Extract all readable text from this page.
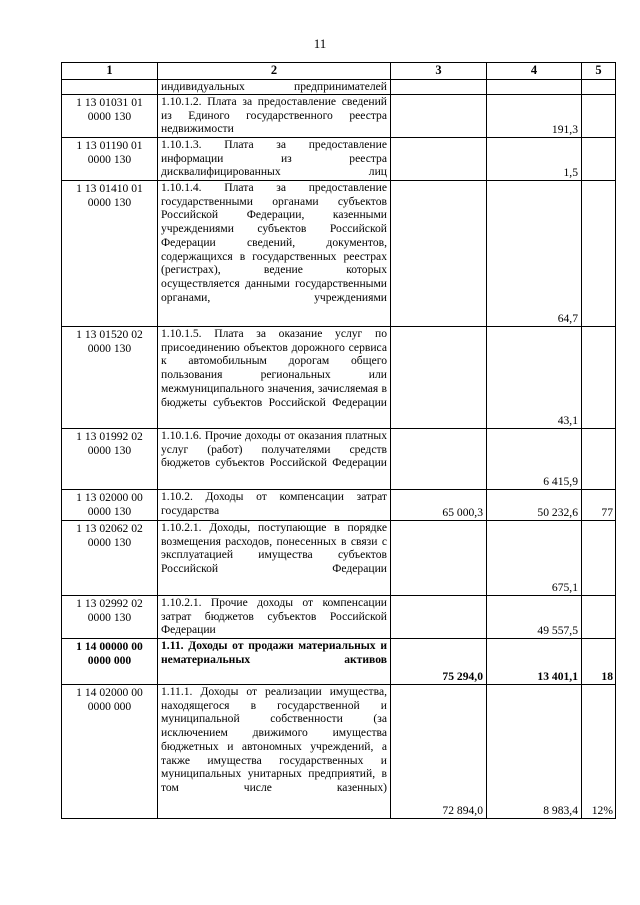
11
1	2	3	4	5
	индивидуальных предпринимателей			
1 13 01031 01 0000 130	1.10.1.2. Плата за предоставление сведений из Единого государственного реестра недвижимости		191,3	
1 13 01190 01 0000 130	1.10.1.3. Плата за предоставление информации из реестра дисквалифицированных лиц		1,5	
1 13 01410 01 0000 130	1.10.1.4. Плата за предоставление государственными органами субъектов Российской Федерации, казенными учреждениями субъектов Российской Федерации сведений, документов, содержащихся в государственных реестрах (регистрах), ведение которых осуществляется данными государственными органами, учреждениями		64,7	
1 13 01520 02 0000 130	1.10.1.5. Плата за оказание услуг по присоединению объектов дорожного сервиса к автомобильным дорогам общего пользования региональных или межмуниципального значения, зачисляемая в бюджеты субъектов Российской Федерации		43,1	
1 13 01992 02 0000 130	1.10.1.6. Прочие доходы от оказания платных услуг (работ) получателями средств бюджетов субъектов Российской Федерации		6 415,9	
1 13 02000 00 0000 130	1.10.2. Доходы от компенсации затрат государства	65 000,3	50 232,6	77
1 13 02062 02 0000 130	1.10.2.1. Доходы, поступающие в порядке возмещения расходов, понесенных в связи с эксплуатацией имущества субъектов Российской Федерации		675,1	
1 13 02992 02 0000 130	1.10.2.1. Прочие доходы от компенсации затрат бюджетов субъектов Российской Федерации		49 557,5	
1 14 00000 00 0000 000	1.11. Доходы от продажи материальных и нематериальных активов	75 294,0	13 401,1	18
1 14 02000 00 0000 000	1.11.1. Доходы от реализации имущества, находящегося в государственной и муниципальной собственности (за исключением движимого имущества бюджетных и автономных учреждений, а также имущества государственных и муниципальных унитарных предприятий, в том числе казенных)	72 894,0	8 983,4	12%
